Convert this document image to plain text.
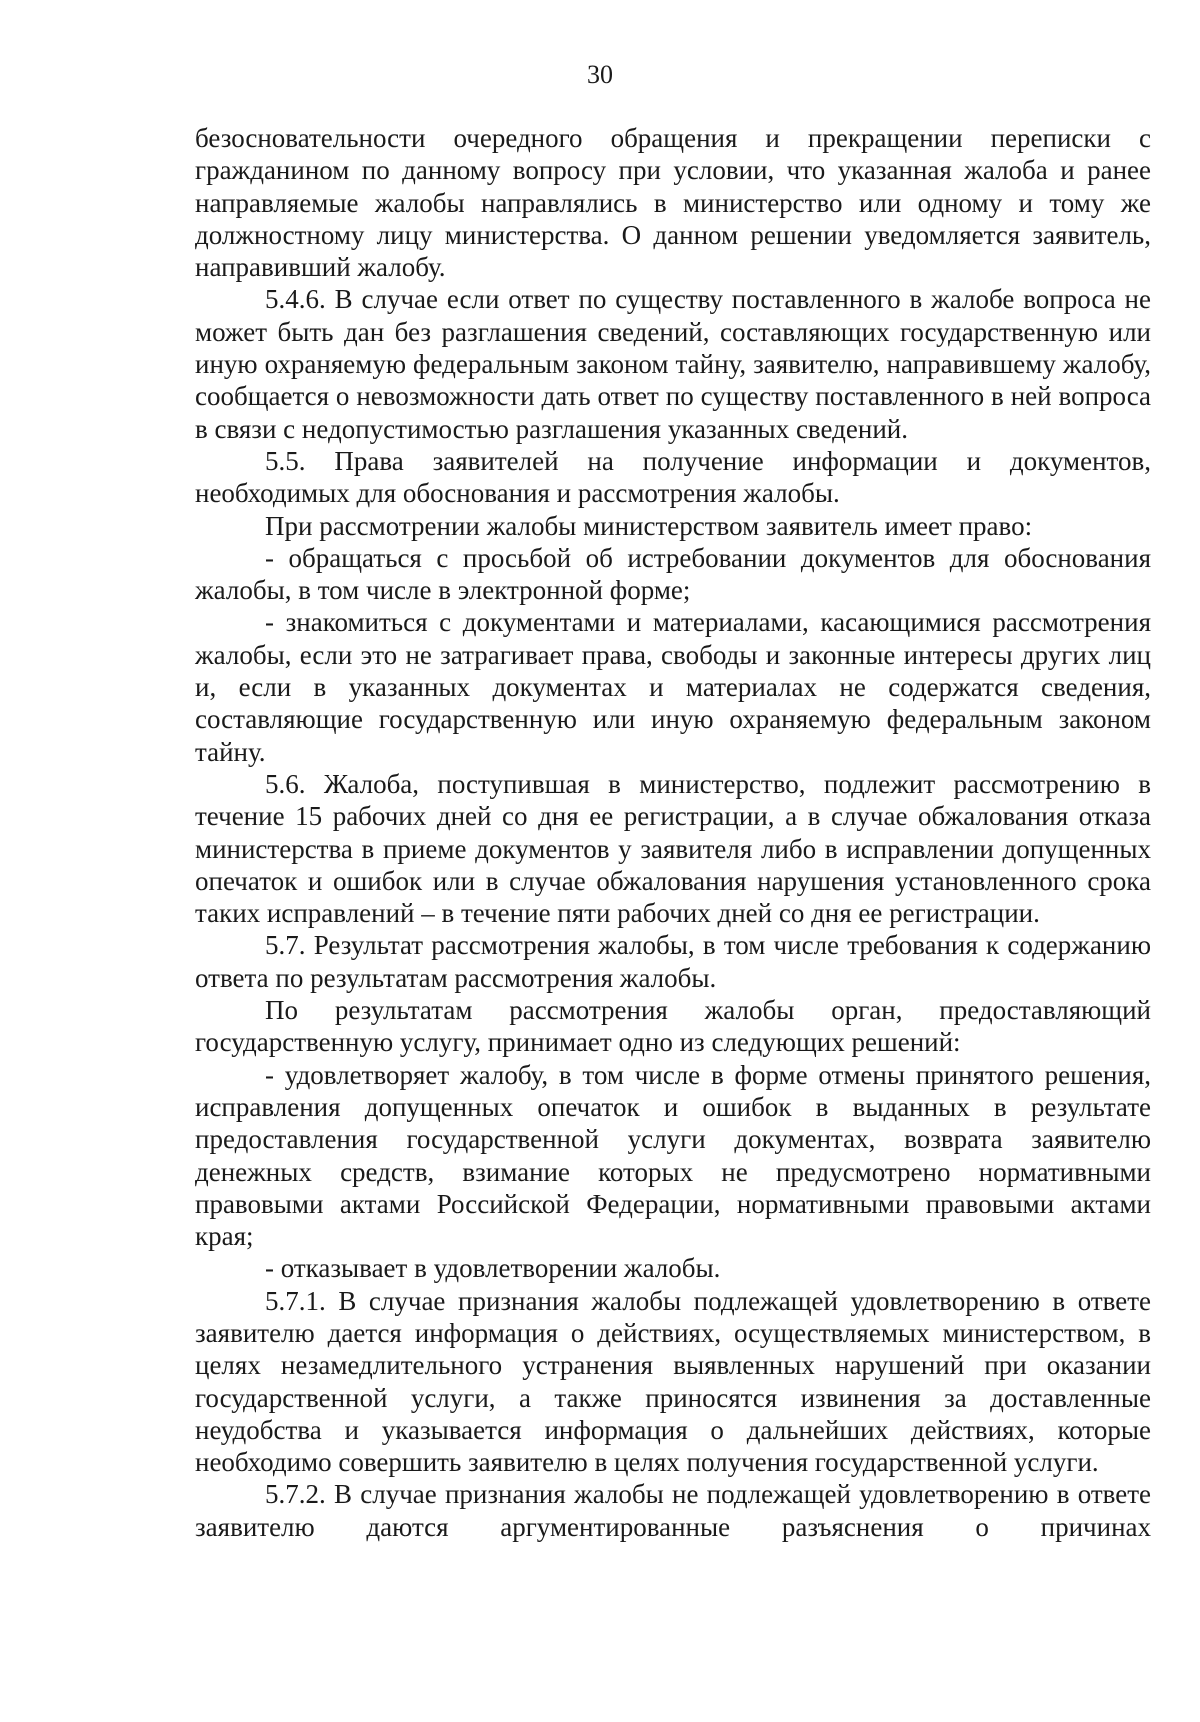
30

безосновательности очередного обращения и прекращении переписки с гражданином по данному вопросу при условии, что указанная жалоба и ранее направляемые жалобы направлялись в министерство или одному и тому же должностному лицу министерства. О данном решении уведомляется заявитель, направивший жалобу.

5.4.6. В случае если ответ по существу поставленного в жалобе вопроса не может быть дан без разглашения сведений, составляющих государственную или иную охраняемую федеральным законом тайну, заявителю, направившему жалобу, сообщается о невозможности дать ответ по существу поставленного в ней вопроса в связи с недопустимостью разглашения указанных сведений.

5.5. Права заявителей на получение информации и документов, необходимых для обоснования и рассмотрения жалобы.

При рассмотрении жалобы министерством заявитель имеет право:

- обращаться с просьбой об истребовании документов для обоснования жалобы, в том числе в электронной форме;

- знакомиться с документами и материалами, касающимися рассмотрения жалобы, если это не затрагивает права, свободы и законные интересы других лиц и, если в указанных документах и материалах не содержатся сведения, составляющие государственную или иную охраняемую федеральным законом тайну.

5.6. Жалоба, поступившая в министерство, подлежит рассмотрению в течение 15 рабочих дней со дня ее регистрации, а в случае обжалования отказа министерства в приеме документов у заявителя либо в исправлении допущенных опечаток и ошибок или в случае обжалования нарушения установленного срока таких исправлений – в течение пяти рабочих дней со дня ее регистрации.

5.7. Результат рассмотрения жалобы, в том числе требования к содержанию ответа по результатам рассмотрения жалобы.

По результатам рассмотрения жалобы орган, предоставляющий государственную услугу, принимает одно из следующих решений:

- удовлетворяет жалобу, в том числе в форме отмены принятого решения, исправления допущенных опечаток и ошибок в выданных в результате предоставления государственной услуги документах, возврата заявителю денежных средств, взимание которых не предусмотрено нормативными правовыми актами Российской Федерации, нормативными правовыми актами края;

- отказывает в удовлетворении жалобы.

5.7.1. В случае признания жалобы подлежащей удовлетворению в ответе заявителю дается информация о действиях, осуществляемых министерством, в целях незамедлительного устранения выявленных нарушений при оказании государственной услуги, а также приносятся извинения за доставленные неудобства и указывается информация о дальнейших действиях, которые необходимо совершить заявителю в целях получения государственной услуги.

5.7.2. В случае признания жалобы не подлежащей удовлетворению в ответе заявителю даются аргументированные разъяснения о причинах
